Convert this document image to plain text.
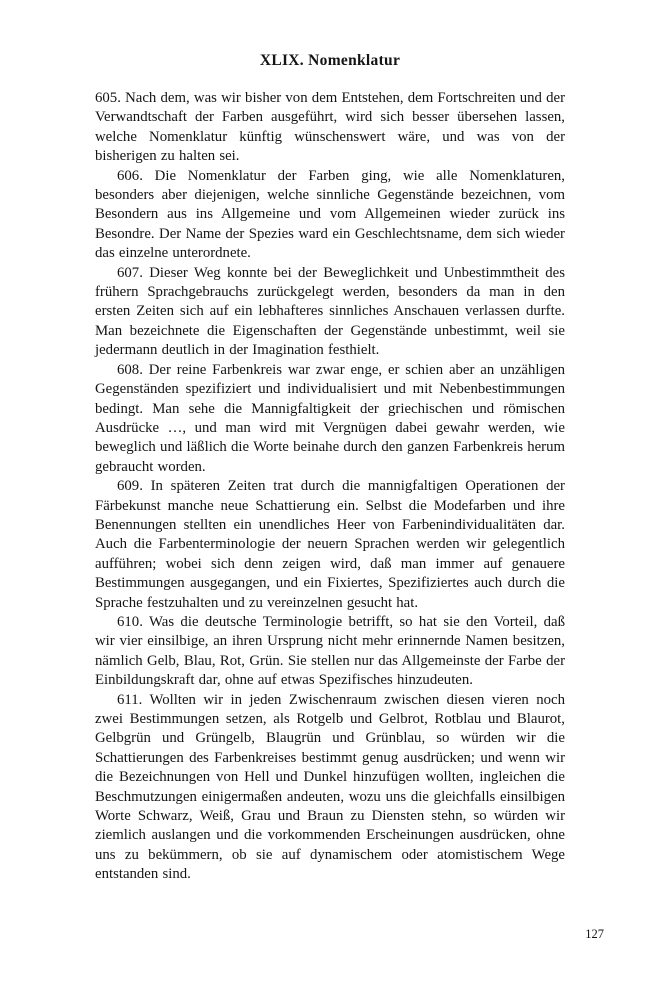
XLIX. Nomenklatur

605. Nach dem, was wir bisher von dem Entstehen, dem Fortschreiten und der Verwandtschaft der Farben ausgeführt, wird sich besser übersehen lassen, welche Nomenklatur künftig wünschenswert wäre, und was von der bisherigen zu halten sei.

606. Die Nomenklatur der Farben ging, wie alle Nomenklaturen, besonders aber diejenigen, welche sinnliche Gegenstände bezeichnen, vom Besondern aus ins Allgemeine und vom Allgemeinen wieder zurück ins Besondre. Der Name der Spezies ward ein Geschlechtsname, dem sich wieder das einzelne unterordnete.

607. Dieser Weg konnte bei der Beweglichkeit und Unbestimmtheit des frühern Sprachgebrauchs zurückgelegt werden, besonders da man in den ersten Zeiten sich auf ein lebhafteres sinnliches Anschauen verlassen durfte. Man bezeichnete die Eigenschaften der Gegenstände unbestimmt, weil sie jedermann deutlich in der Imagination festhielt.

608. Der reine Farbenkreis war zwar enge, er schien aber an unzähligen Gegenständen spezifiziert und individualisiert und mit Nebenbestimmungen bedingt. Man sehe die Mannigfaltigkeit der griechischen und römischen Ausdrücke …, und man wird mit Vergnügen dabei gewahr werden, wie beweglich und läßlich die Worte beinahe durch den ganzen Farbenkreis herum gebraucht worden.

609. In späteren Zeiten trat durch die mannigfaltigen Operationen der Färbekunst manche neue Schattierung ein. Selbst die Modefarben und ihre Benennungen stellten ein unendliches Heer von Farbenindividualitäten dar. Auch die Farbenterminologie der neuern Sprachen werden wir gelegentlich aufführen; wobei sich denn zeigen wird, daß man immer auf genauere Bestimmungen ausgegangen, und ein Fixiertes, Spezifiziertes auch durch die Sprache festzuhalten und zu vereinzelnen gesucht hat.

610. Was die deutsche Terminologie betrifft, so hat sie den Vorteil, daß wir vier einsilbige, an ihren Ursprung nicht mehr erinnernde Namen besitzen, nämlich Gelb, Blau, Rot, Grün. Sie stellen nur das Allgemeinste der Farbe der Einbildungskraft dar, ohne auf etwas Spezifisches hinzudeuten.

611. Wollten wir in jeden Zwischenraum zwischen diesen vieren noch zwei Bestimmungen setzen, als Rotgelb und Gelbrot, Rotblau und Blaurot, Gelbgrün und Grüngelb, Blaugrün und Grünblau, so würden wir die Schattierungen des Farbenkreises bestimmt genug ausdrücken; und wenn wir die Bezeichnungen von Hell und Dunkel hinzufügen wollten, ingleichen die Beschmutzungen einigermaßen andeuten, wozu uns die gleichfalls einsilbigen Worte Schwarz, Weiß, Grau und Braun zu Diensten stehn, so würden wir ziemlich auslangen und die vorkommenden Erscheinungen ausdrücken, ohne uns zu bekümmern, ob sie auf dynamischem oder atomistischem Wege entstanden sind.

127
